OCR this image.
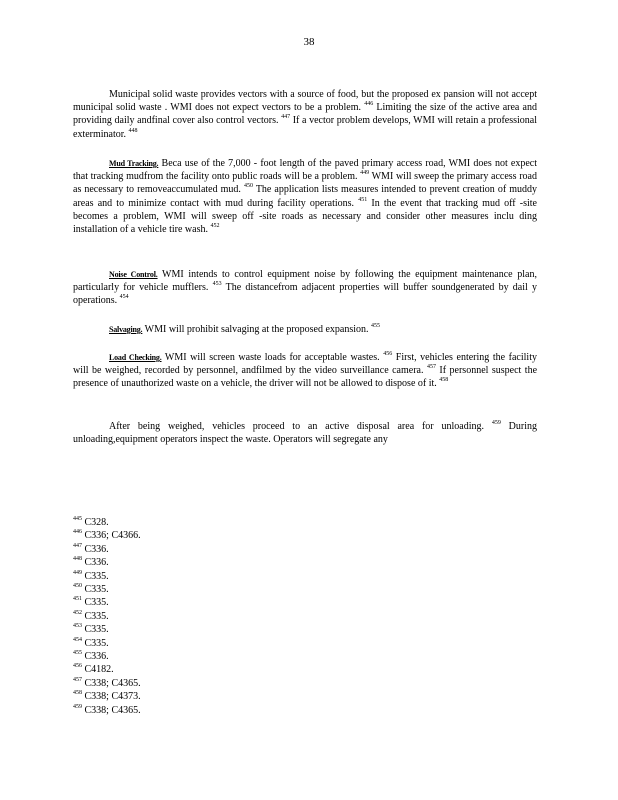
38

Municipal solid waste provides vectors with a source of food, but the proposed ex pansion will not accept municipal solid waste . WMI does not expect vectors to be a problem. $^{446}$ Limiting the size of the active area and providing daily andfinal cover also control vectors. $^{447}$ If a vector problem develops, WMI will retain a professional exterminator. $^{448}$

Mud Tracking. Beca use of the 7,000 - foot length of the paved primary access road, WMI does not expect that tracking mudfrom the facility onto public roads will be a problem. $^{449}$ WMI will sweep the primary access road as necessary to removeaccumulated mud. $^{450}$ The application lists measures intended to prevent creation of muddy areas and to minimize contact with mud during facility operations. $^{451}$ In the event that tracking mud off -site becomes a problem, WMI will sweep off -site roads as necessary and consider other measures inclu ding installation of a vehicle tire wash. $^{452}$

Noise Control. WMI intends to control equipment noise by following the equipment maintenance plan, particularly for vehicle mufflers. $^{453}$ The distancefrom adjacent properties will buffer soundgenerated by dail y operations. $^{454}$

Salvaging. WMI will prohibit salvaging at the proposed expansion. $^{455}$

Load Checking. WMI will screen waste loads for acceptable wastes. $^{456}$ First, vehicles entering the facility will be weighed, recorded by personnel, andfilmed by the video surveillance camera. $^{457}$ If personnel suspect the presence of unauthorized waste on a vehicle, the driver will not be allowed to dispose of it. $^{458}$

After being weighed, vehicles proceed to an active disposal area for unloading. $^{459}$ During unloading,equipment operators inspect the waste. Operators will segregate any

$^{445}$ C328.
$^{446}$ C336; C4366.
$^{447}$ C336.
$^{448}$ C336.
$^{449}$ C335.
$^{450}$ C335.
$^{451}$ C335.
$^{452}$ C335.
$^{453}$ C335.
$^{454}$ C335.
$^{455}$ C336.
$^{456}$ C4182.
$^{457}$ C338; C4365.
$^{458}$ C338; C4373.
$^{459}$ C338; C4365.
